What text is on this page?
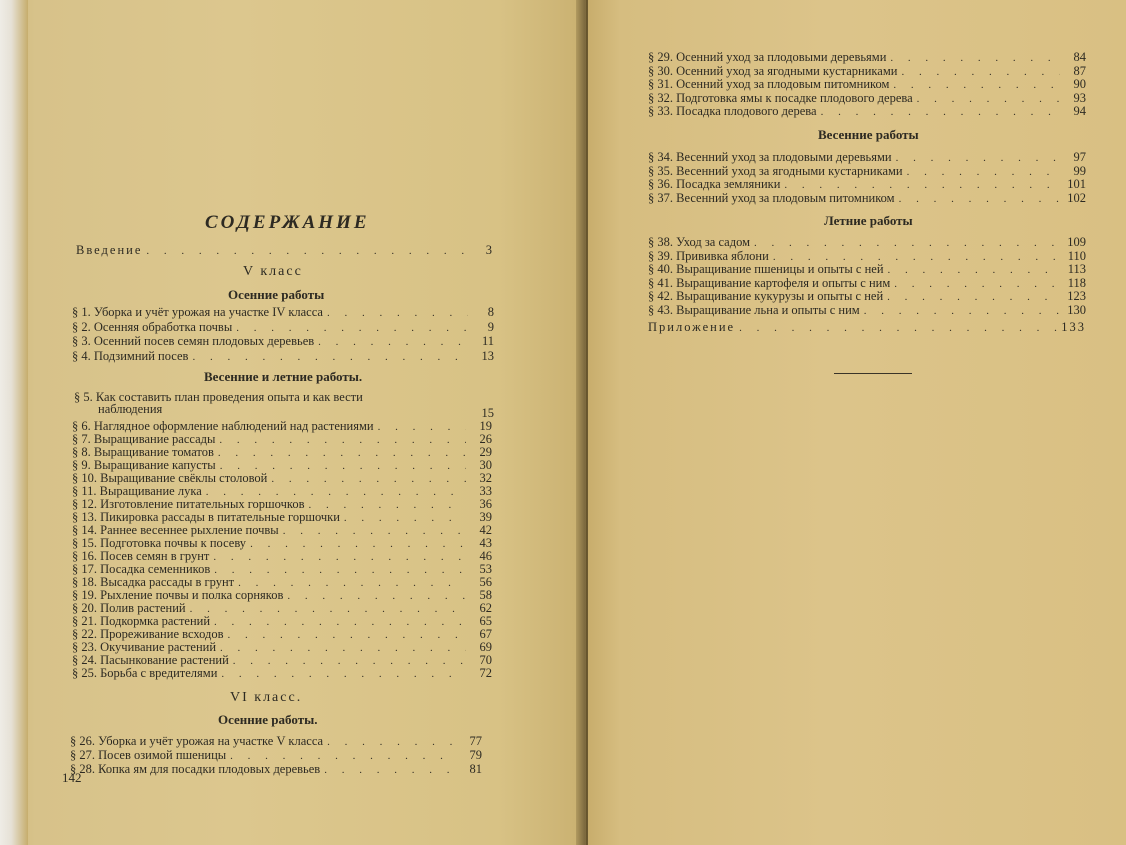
СОДЕРЖАНИЕ
Введение . . .	3
V класс
Осенние работы
§ 1. Уборка и учёт урожая на участке IV класса . . .	8
§ 2. Осенняя обработка почвы . . .	9
§ 3. Осенний посев семян плодовых деревьев . . .	11
§ 4. Подзимний посев . . .	13
Весенние и летние работы.
§ 5. Как составить план проведения опыта и как вести
наблюдения	15
§ 6. Наглядное оформление наблюдений над растениями . . .	19
§ 7. Выращивание рассады . . .	26
§ 8. Выращивание томатов . . .	29
§ 9. Выращивание капусты . . .	30
§ 10. Выращивание свёклы столовой . . .	32
§ 11. Выращивание лука . . .	33
§ 12. Изготовление питательных горшочков . . .	36
§ 13. Пикировка рассады в питательные горшочки . . .	39
§ 14. Раннее весеннее рыхление почвы . . .	42
§ 15. Подготовка почвы к посеву . . .	43
§ 16. Посев семян в грунт . . .	46
§ 17. Посадка семенников . . .	53
§ 18. Высадка рассады в грунт . . .	56
§ 19. Рыхление почвы и полка сорняков . . .	58
§ 20. Полив растений . . .	62
§ 21. Подкормка растений . . .	65
§ 22. Прореживание всходов . . .	67
§ 23. Окучивание растений . . .	69
§ 24. Пасынкование растений . . .	70
§ 25. Борьба с вредителями . . .	72
VI класс.
Осенние работы.
§ 26. Уборка и учёт урожая на участке V класса . . .	77
§ 27. Посев озимой пшеницы . . .	79
§ 28. Копка ям для посадки плодовых деревьев . . .	81
142
§ 29. Осенний уход за плодовыми деревьями . . .	84
§ 30. Осенний уход за ягодными кустарниками . . .	87
§ 31. Осенний уход за плодовым питомником . . .	90
§ 32. Подготовка ямы к посадке плодового дерева . . .	93
§ 33. Посадка плодового дерева . . .	94
Весенние работы
§ 34. Весенний уход за плодовыми деревьями . . .	97
§ 35. Весенний уход за ягодными кустарниками . . .	99
§ 36. Посадка земляники . . .	101
§ 37. Весенний уход за плодовым питомником . . .	102
Летние работы
§ 38. Уход за садом . . .	109
§ 39. Прививка яблони . . .	110
§ 40. Выращивание пшеницы и опыты с ней . . .	113
§ 41. Выращивание картофеля и опыты с ним . . .	118
§ 42. Выращивание кукурузы и опыты с ней . . .	123
§ 43. Выращивание льна и опыты с ним . . .	130
Приложение . . .	133
